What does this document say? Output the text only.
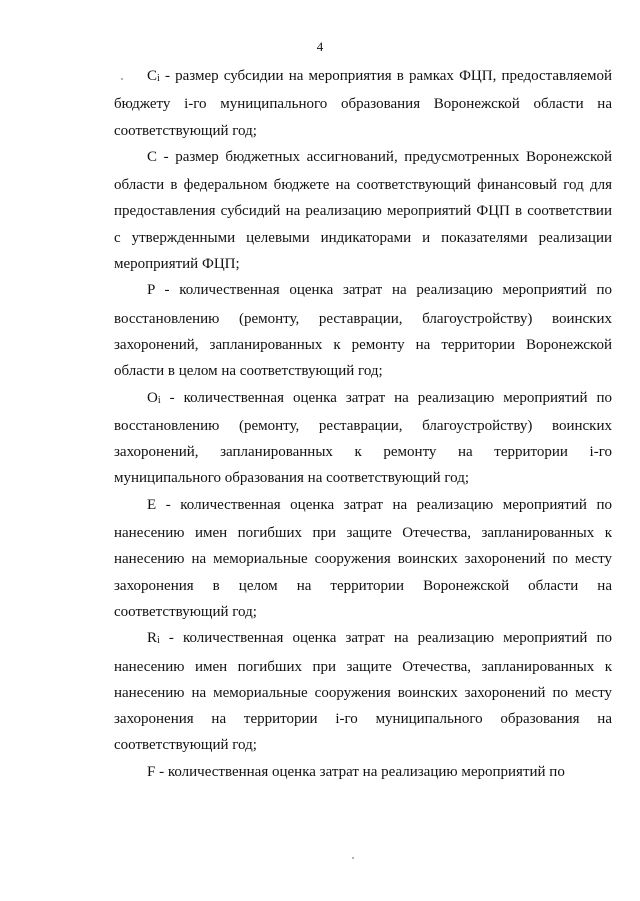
4

Ci - размер субсидии на мероприятия в рамках ФЦП, предоставляемой бюджету i-го муниципального образования Воронежской области на соответствующий год;

C - размер бюджетных ассигнований, предусмотренных Воронежской области в федеральном бюджете на соответствующий финансовый год для предоставления субсидий на реализацию мероприятий ФЦП в соответствии с утвержденными целевыми индикаторами и показателями реализации мероприятий ФЦП;

P - количественная оценка затрат на реализацию мероприятий по восстановлению (ремонту, реставрации, благоустройству) воинских захоронений, запланированных к ремонту на территории Воронежской области в целом на соответствующий год;

Oi - количественная оценка затрат на реализацию мероприятий по восстановлению (ремонту, реставрации, благоустройству) воинских захоронений, запланированных к ремонту на территории i-го муниципального образования на соответствующий год;

E - количественная оценка затрат на реализацию мероприятий по нанесению имен погибших при защите Отечества, запланированных к нанесению на мемориальные сооружения воинских захоронений по месту захоронения в целом на территории Воронежской области на соответствующий год;

Ri - количественная оценка затрат на реализацию мероприятий по нанесению имен погибших при защите Отечества, запланированных к нанесению на мемориальные сооружения воинских захоронений по месту захоронения на территории i-го муниципального образования на соответствующий год;

F - количественная оценка затрат на реализацию мероприятий по
